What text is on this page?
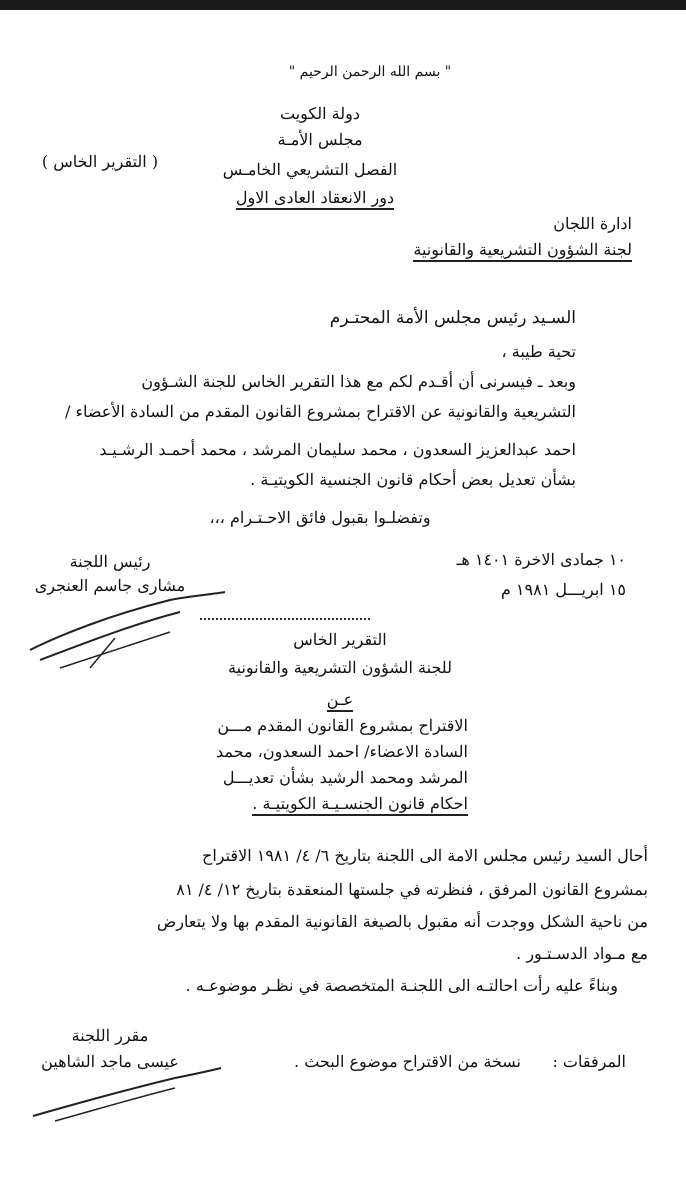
" بسم الله الرحمن الرحيم "
دولة الكويت
مجلس الأمـة
الفصل التشريعي الخامـس
دور الانعقاد العادى الاول
( التقرير الخاس )
ادارة اللجان
لجنة الشؤون التشريعية والقانونية
السـيد رئيس مجلس الأمة المحتـرم
تحية طيبة ،
وبعد ـ فيسرنى أن أقـدم لكم مع هذا التقرير الخاس للجنة الشـؤون
التشريعية والقانونية عن الاقتراح بمشروع القانون المقدم من السادة الأعضاء /
احمد عبدالعزيز السعدون ، محمد سليمان المرشد ، محمد أحمـد الرشـيـد
بشأن تعديل بعض أحكام قانون الجنسية الكويتيـة .
وتفضلـوا بقبول فائق الاحـتـرام ،،،
١٠ جمادى الاخرة ١٤٠١ هـ
١٥ ابريـــل ١٩٨١ م
رئيس اللجنة
مشارى جاسم العنجرى
التقرير الخاس
للجنة الشؤون التشريعية والقانونية
عـن
الاقتراح بمشروع القانون المقدم مـــن
السادة الاعضاء/ احمد السعدون، محمد
المرشد ومحمد الرشيد بشأن تعديـــل
احكام قانون الجنسـيـة الكويتيـة .
أحال السيد رئيس مجلس الامة الى اللجنة بتاريخ ٦/ ٤/ ١٩٨١ الاقتراح
بمشروع القانون المرفق ، فنظرته في جلستها المنعقدة بتاريخ ١٢/ ٤/ ٨١
من ناحية الشكل ووجدت أنه مقبول بالصيغة القانونية المقدم بها ولا يتعارض
مع مـواد الدسـتـور .
وبناءً عليه رأت احالتـه الى اللجنـة المتخصصة في نظـر موضوعـه .
مقرر اللجنة
عيسى ماجد الشاهين	المرفقات :
نسخة من الاقتراح موضوع البحث .
